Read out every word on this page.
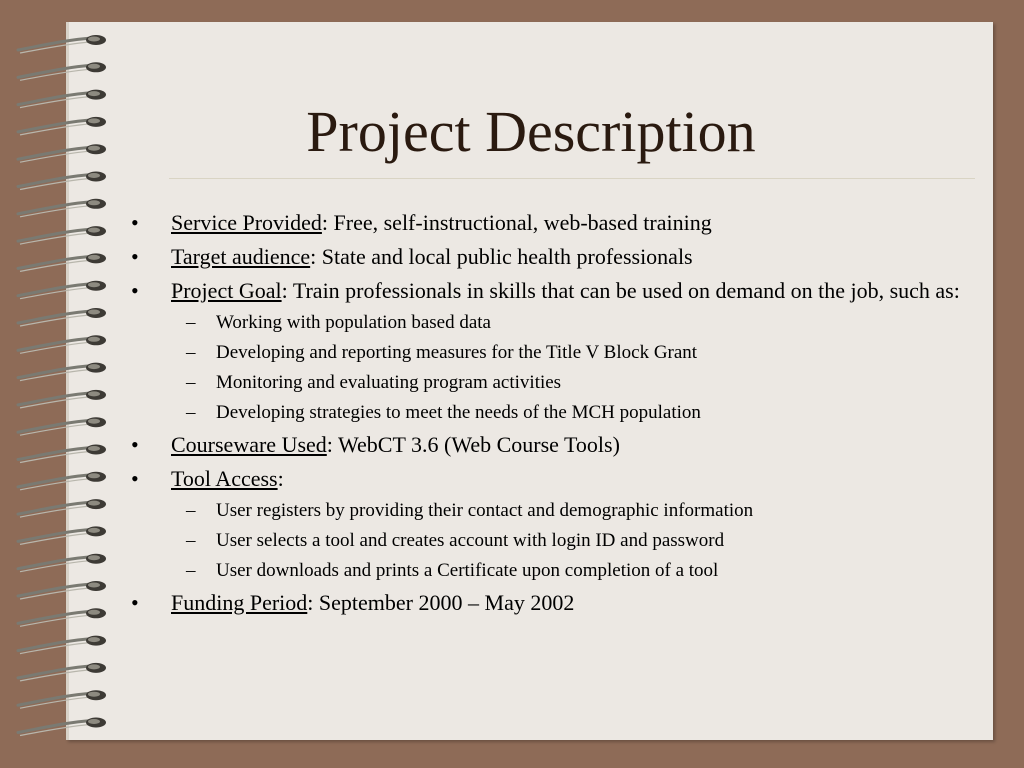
Project Description
• Service Provided: Free, self-instructional, web-based training
• Target audience: State and local public health professionals
• Project Goal: Train professionals in skills that can be used on demand on the job, such as:
– Working with population based data
– Developing and reporting measures for the Title V Block Grant
– Monitoring and evaluating program activities
– Developing strategies to meet the needs of the MCH population
• Courseware Used: WebCT 3.6 (Web Course Tools)
• Tool Access:
– User registers by providing their contact and demographic information
– User selects a tool and creates account with login ID and password
– User downloads and prints a Certificate upon completion of a tool
• Funding Period: September 2000 – May 2002
